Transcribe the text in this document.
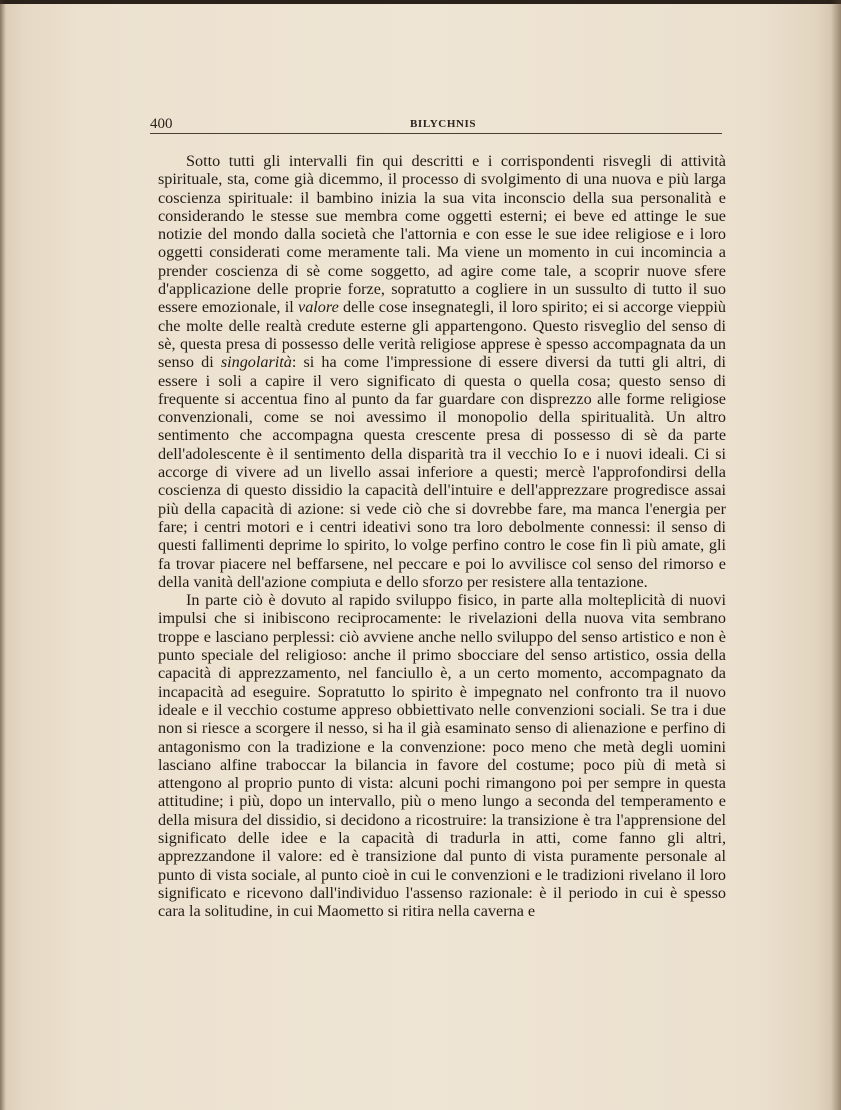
400	BILYCHNIS

Sotto tutti gli intervalli fin qui descritti e i corrispondenti risvegli di attività spirituale, sta, come già dicemmo, il processo di svolgimento di una nuova e più larga coscienza spirituale: il bambino inizia la sua vita inconscio della sua personalità e considerando le stesse sue membra come oggetti esterni; ei beve ed attinge le sue notizie del mondo dalla società che l'attornia e con esse le sue idee religiose e i loro oggetti considerati come meramente tali. Ma viene un momento in cui incomincia a prender coscienza di sè come soggetto, ad agire come tale, a scoprir nuove sfere d'applicazione delle proprie forze, sopratutto a cogliere in un sussulto di tutto il suo essere emozionale, il valore delle cose insegnategli, il loro spirito; ei si accorge vieppiù che molte delle realtà credute esterne gli appartengono. Questo risveglio del senso di sè, questa presa di possesso delle verità religiose apprese è spesso accompagnata da un senso di singolarità: si ha come l'impressione di essere diversi da tutti gli altri, di essere i soli a capire il vero significato di questa o quella cosa; questo senso di frequente si accentua fino al punto da far guardare con disprezzo alle forme religiose convenzionali, come se noi avessimo il monopolio della spiritualità. Un altro sentimento che accompagna questa crescente presa di possesso di sè da parte dell'adolescente è il sentimento della disparità tra il vecchio Io e i nuovi ideali. Ci si accorge di vivere ad un livello assai inferiore a questi; mercè l'approfondirsi della coscienza di questo dissidio la capacità dell'intuire e dell'apprezzare progredisce assai più della capacità di azione: si vede ciò che si dovrebbe fare, ma manca l'energia per fare; i centri motori e i centri ideativi sono tra loro debolmente connessi: il senso di questi fallimenti deprime lo spirito, lo volge perfino contro le cose fin lì più amate, gli fa trovar piacere nel beffarsene, nel peccare e poi lo avvilisce col senso del rimorso e della vanità dell'azione compiuta e dello sforzo per resistere alla tentazione.

In parte ciò è dovuto al rapido sviluppo fisico, in parte alla molteplicità di nuovi impulsi che si inibiscono reciprocamente: le rivelazioni della nuova vita sembrano troppe e lasciano perplessi: ciò avviene anche nello sviluppo del senso artistico e non è punto speciale del religioso: anche il primo sbocciare del senso artistico, ossia della capacità di apprezzamento, nel fanciullo è, a un certo momento, accompagnato da incapacità ad eseguire. Sopratutto lo spirito è impegnato nel confronto tra il nuovo ideale e il vecchio costume appreso obbiettivato nelle convenzioni sociali. Se tra i due non si riesce a scorgere il nesso, si ha il già esaminato senso di alienazione e perfino di antagonismo con la tradizione e la convenzione: poco meno che metà degli uomini lasciano alfine traboccar la bilancia in favore del costume; poco più di metà si attengono al proprio punto di vista: alcuni pochi rimangono poi per sempre in questa attitudine; i più, dopo un intervallo, più o meno lungo a seconda del temperamento e della misura del dissidio, si decidono a ricostruire: la transizione è tra l'apprensione del significato delle idee e la capacità di tradurla in atti, come fanno gli altri, apprezzandone il valore: ed è transizione dal punto di vista puramente personale al punto di vista sociale, al punto cioè in cui le convenzioni e le tradizioni rivelano il loro significato e ricevono dall'individuo l'assenso razionale: è il periodo in cui è spesso cara la solitudine, in cui Maometto si ritira nella caverna e
